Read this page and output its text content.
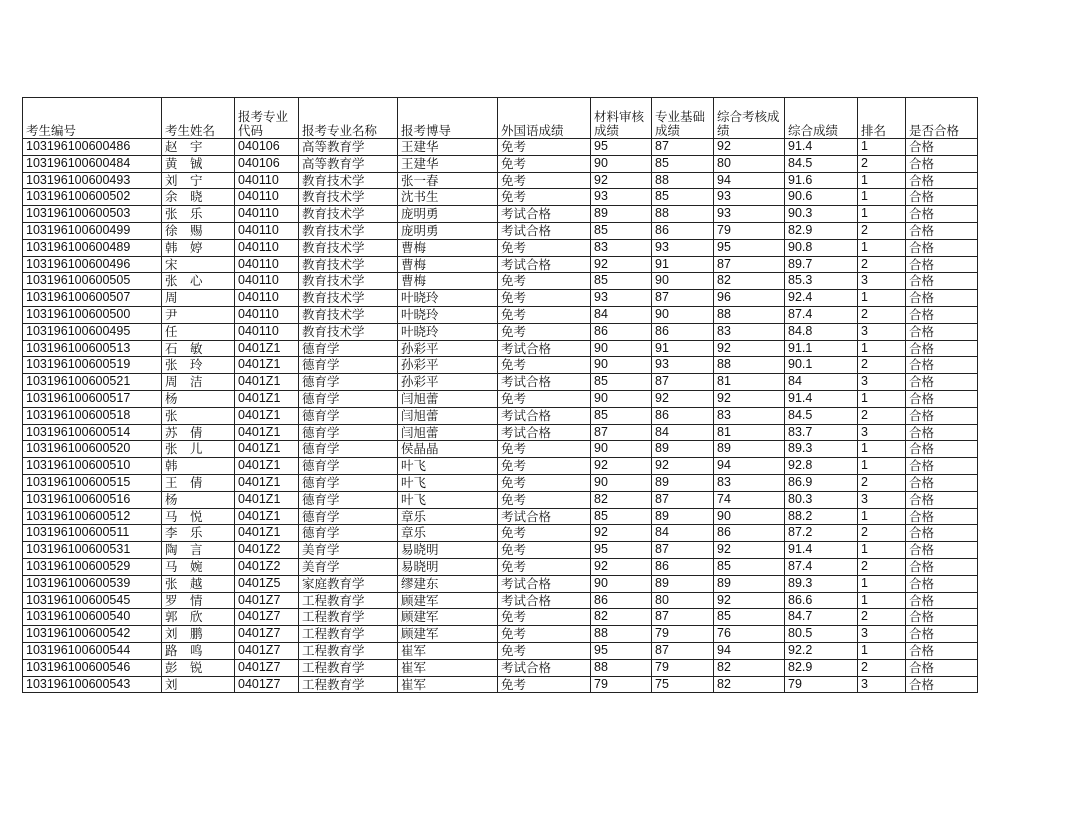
考生编号	考生姓名	报考专业代码	报考专业名称	报考博导	外国语成绩	材料审核成绩	专业基础成绩	综合考核成绩	综合成绩	排名	是否合格
103196100600486	赵　宇	040106	高等教育学	王建华	免考	95	87	92	91.4	1	合格
103196100600484	黄　铖	040106	高等教育学	王建华	免考	90	85	80	84.5	2	合格
103196100600493	刘　宁	040110	教育技术学	张一春	免考	92	88	94	91.6	1	合格
103196100600502	余　晓	040110	教育技术学	沈书生	免考	93	85	93	90.6	1	合格
103196100600503	张　乐	040110	教育技术学	庞明勇	考试合格	89	88	93	90.3	1	合格
103196100600499	徐　赐	040110	教育技术学	庞明勇	考试合格	85	86	79	82.9	2	合格
103196100600489	韩　婷	040110	教育技术学	曹梅	免考	83	93	95	90.8	1	合格
103196100600496	宋	040110	教育技术学	曹梅	考试合格	92	91	87	89.7	2	合格
103196100600505	张　心	040110	教育技术学	曹梅	免考	85	90	82	85.3	3	合格
103196100600507	周	040110	教育技术学	叶晓玲	免考	93	87	96	92.4	1	合格
103196100600500	尹	040110	教育技术学	叶晓玲	免考	84	90	88	87.4	2	合格
103196100600495	任	040110	教育技术学	叶晓玲	免考	86	86	83	84.8	3	合格
103196100600513	石　敏	0401Z1	德育学	孙彩平	考试合格	90	91	92	91.1	1	合格
103196100600519	张　玲	0401Z1	德育学	孙彩平	免考	90	93	88	90.1	2	合格
103196100600521	周　洁	0401Z1	德育学	孙彩平	考试合格	85	87	81	84	3	合格
103196100600517	杨	0401Z1	德育学	闫旭蕾	免考	90	92	92	91.4	1	合格
103196100600518	张	0401Z1	德育学	闫旭蕾	考试合格	85	86	83	84.5	2	合格
103196100600514	苏　倩	0401Z1	德育学	闫旭蕾	考试合格	87	84	81	83.7	3	合格
103196100600520	张　儿	0401Z1	德育学	侯晶晶	免考	90	89	89	89.3	1	合格
103196100600510	韩	0401Z1	德育学	叶飞	免考	92	92	94	92.8	1	合格
103196100600515	王　倩	0401Z1	德育学	叶飞	免考	90	89	83	86.9	2	合格
103196100600516	杨	0401Z1	德育学	叶飞	免考	82	87	74	80.3	3	合格
103196100600512	马　悦	0401Z1	德育学	章乐	考试合格	85	89	90	88.2	1	合格
103196100600511	李　乐	0401Z1	德育学	章乐	免考	92	84	86	87.2	2	合格
103196100600531	陶　言	0401Z2	美育学	易晓明	免考	95	87	92	91.4	1	合格
103196100600529	马　婉	0401Z2	美育学	易晓明	免考	92	86	85	87.4	2	合格
103196100600539	张　越	0401Z5	家庭教育学	缪建东	考试合格	90	89	89	89.3	1	合格
103196100600545	罗　情	0401Z7	工程教育学	顾建军	考试合格	86	80	92	86.6	1	合格
103196100600540	郭　欣	0401Z7	工程教育学	顾建军	免考	82	87	85	84.7	2	合格
103196100600542	刘　鹏	0401Z7	工程教育学	顾建军	免考	88	79	76	80.5	3	合格
103196100600544	路　鸣	0401Z7	工程教育学	崔军	免考	95	87	94	92.2	1	合格
103196100600546	彭　锐	0401Z7	工程教育学	崔军	考试合格	88	79	82	82.9	2	合格
103196100600543	刘	0401Z7	工程教育学	崔军	免考	79	75	82	79	3	合格
